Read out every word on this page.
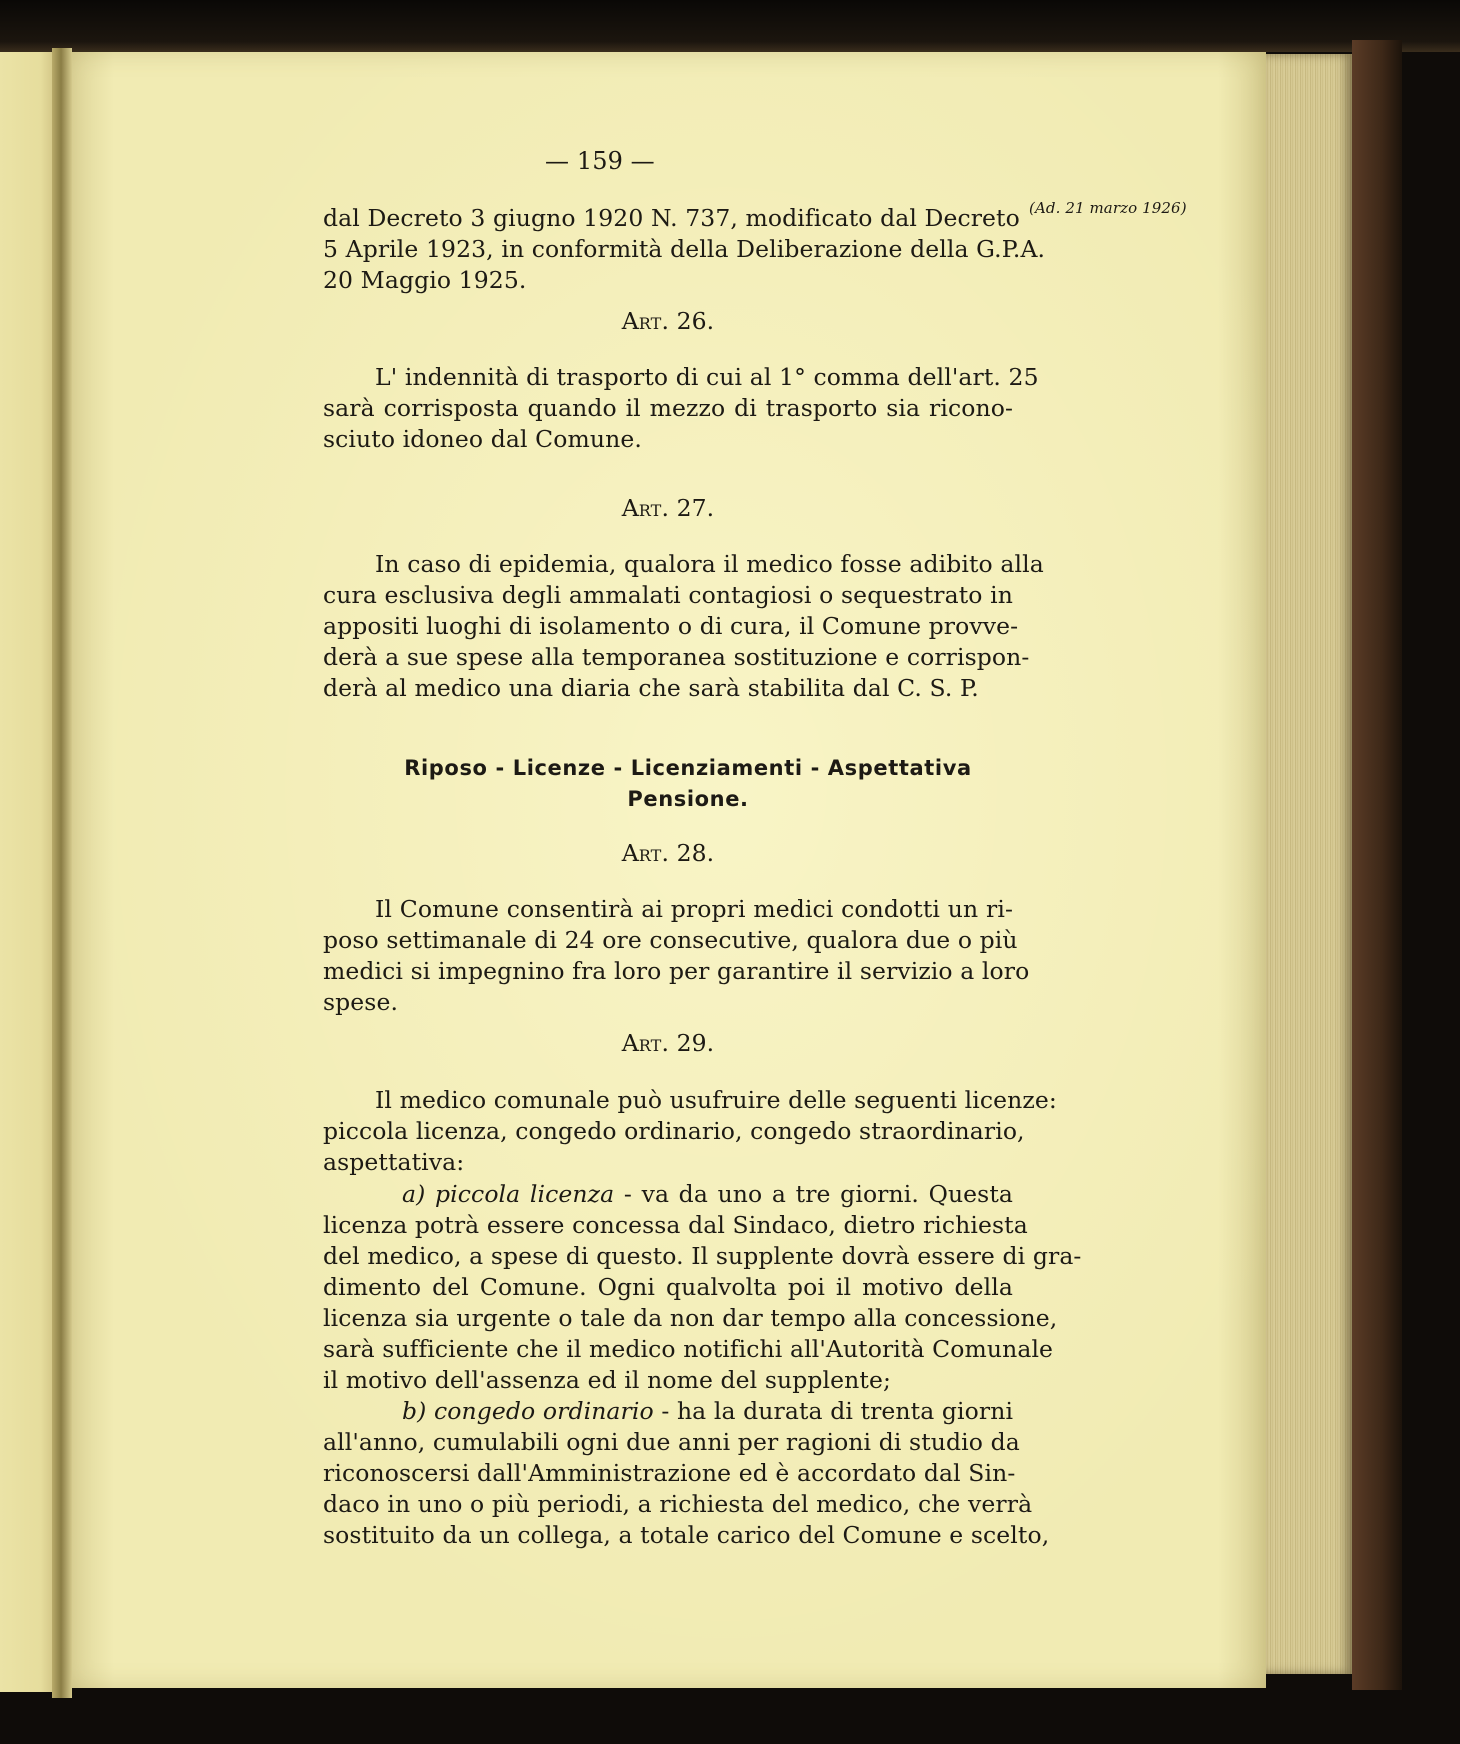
— 159 —
(Ad. 21 marzo 1926)
dal Decreto 3 giugno 1920 N. 737, modificato dal Decreto
5 Aprile 1923, in conformità della Deliberazione della G.P.A.
20 Maggio 1925.
Art. 26.
L' indennità di trasporto di cui al 1° comma dell'art. 25
sarà corrisposta quando il mezzo di trasporto sia ricono-
sciuto idoneo dal Comune.
Art. 27.
In caso di epidemia, qualora il medico fosse adibito alla
cura esclusiva degli ammalati contagiosi o sequestrato in
appositi luoghi di isolamento o di cura, il Comune provve-
derà a sue spese alla temporanea sostituzione e corrispon-
derà al medico una diaria che sarà stabilita dal C. S. P.
Riposo - Licenze - Licenziamenti - Aspettativa
Pensione.
Art. 28.
Il Comune consentirà ai propri medici condotti un ri-
poso settimanale di 24 ore consecutive, qualora due o più
medici si impegnino fra loro per garantire il servizio a loro
spese.
Art. 29.
Il medico comunale può usufruire delle seguenti licenze:
piccola licenza, congedo ordinario, congedo straordinario,
aspettativa:
a) piccola licenza - va da uno a tre giorni. Questa
licenza potrà essere concessa dal Sindaco, dietro richiesta
del medico, a spese di questo. Il supplente dovrà essere di gra-
dimento del Comune. Ogni qualvolta poi il motivo della
licenza sia urgente o tale da non dar tempo alla concessione,
sarà sufficiente che il medico notifichi all'Autorità Comunale
il motivo dell'assenza ed il nome del supplente;
b) congedo ordinario - ha la durata di trenta giorni
all'anno, cumulabili ogni due anni per ragioni di studio da
riconoscersi dall'Amministrazione ed è accordato dal Sin-
daco in uno o più periodi, a richiesta del medico, che verrà
sostituito da un collega, a totale carico del Comune e scelto,
